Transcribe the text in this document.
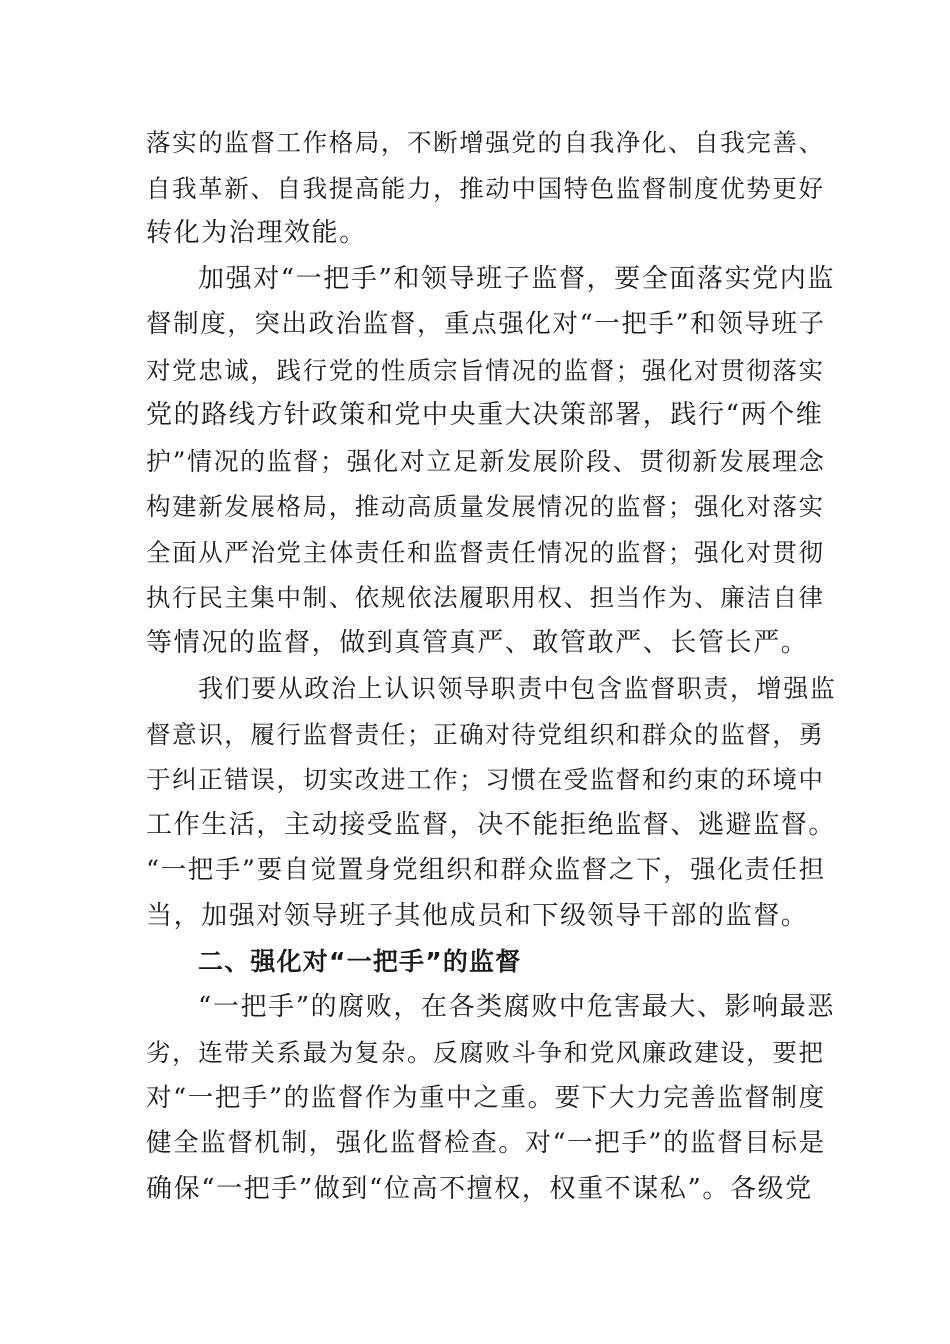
落实的监督工作格局，不断增强党的自我净化、自我完善、
自我革新、自我提高能力，推动中国特色监督制度优势更好
转化为治理效能。
加强对“一把手”和领导班子监督，要全面落实党内监
督制度，突出政治监督，重点强化对“一把手”和领导班子
对党忠诚，践行党的性质宗旨情况的监督；强化对贯彻落实
党的路线方针政策和党中央重大决策部署，践行“两个维
护”情况的监督；强化对立足新发展阶段、贯彻新发展理念
构建新发展格局，推动高质量发展情况的监督；强化对落实
全面从严治党主体责任和监督责任情况的监督；强化对贯彻
执行民主集中制、依规依法履职用权、担当作为、廉洁自律
等情况的监督，做到真管真严、敢管敢严、长管长严。
我们要从政治上认识领导职责中包含监督职责，增强监
督意识，履行监督责任；正确对待党组织和群众的监督，勇
于纠正错误，切实改进工作；习惯在受监督和约束的环境中
工作生活，主动接受监督，决不能拒绝监督、逃避监督。
“一把手”要自觉置身党组织和群众监督之下，强化责任担
当，加强对领导班子其他成员和下级领导干部的监督。
二、强化对“一把手”的监督
“一把手”的腐败，在各类腐败中危害最大、影响最恶
劣，连带关系最为复杂。反腐败斗争和党风廉政建设，要把
对“一把手”的监督作为重中之重。要下大力完善监督制度
健全监督机制，强化监督检查。对“一把手”的监督目标是
确保“一把手”做到“位高不擅权，权重不谋私”。各级党
